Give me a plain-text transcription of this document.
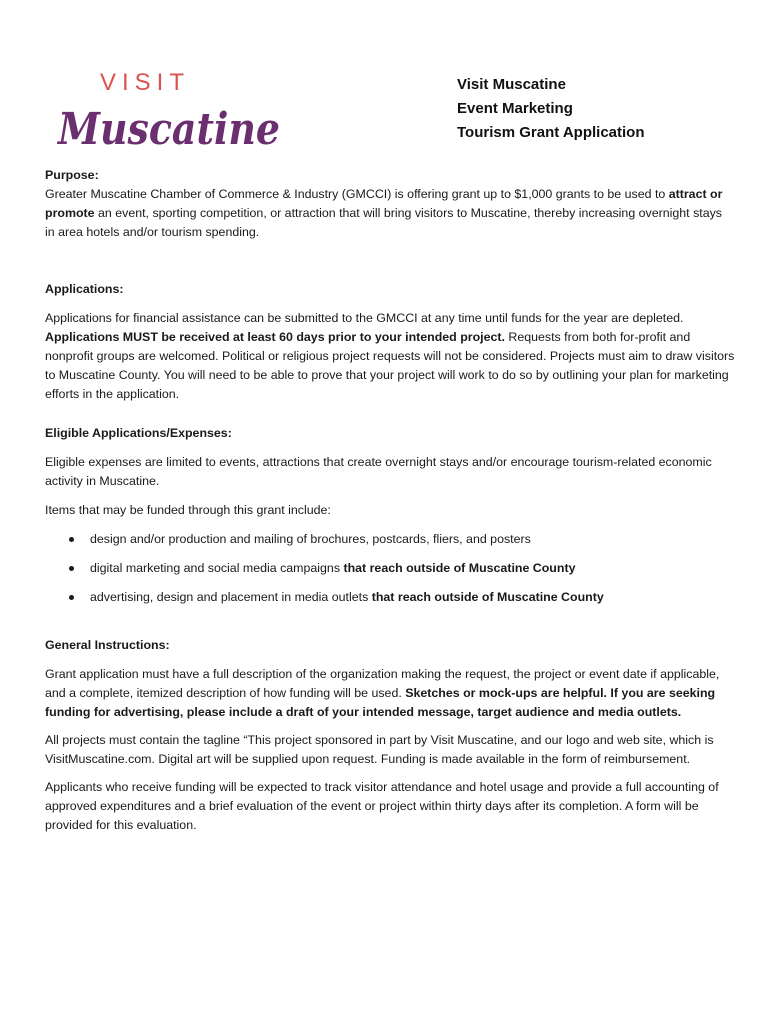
VISIT
Muscatine
Visit Muscatine
Event Marketing
Tourism Grant Application

Purpose:

Greater Muscatine Chamber of Commerce & Industry (GMCCI) is offering grant up to $1,000 grants to be used to attract or promote an event, sporting competition, or attraction that will bring visitors to Muscatine, thereby increasing overnight stays in area hotels and/or tourism spending.

Applications:

Applications for financial assistance can be submitted to the GMCCI at any time until funds for the year are depleted. Applications MUST be received at least 60 days prior to your intended project. Requests from both for-profit and nonprofit groups are welcomed. Political or religious project requests will not be considered. Projects must aim to draw visitors to Muscatine County. You will need to be able to prove that your project will work to do so by outlining your plan for marketing efforts in the application.

Eligible Applications/Expenses:

Eligible expenses are limited to events, attractions that create overnight stays and/or encourage tourism-related economic activity in Muscatine.

Items that may be funded through this grant include:

design and/or production and mailing of brochures, postcards, fliers, and posters
digital marketing and social media campaigns that reach outside of Muscatine County
advertising, design and placement in media outlets that reach outside of Muscatine County

General Instructions:

Grant application must have a full description of the organization making the request, the project or event date if applicable, and a complete, itemized description of how funding will be used. Sketches or mock-ups are helpful. If you are seeking funding for advertising, please include a draft of your intended message, target audience and media outlets.

All projects must contain the tagline “This project sponsored in part by Visit Muscatine, and our logo and web site, which is VisitMuscatine.com. Digital art will be supplied upon request. Funding is made available in the form of reimbursement.

Applicants who receive funding will be expected to track visitor attendance and hotel usage and provide a full accounting of approved expenditures and a brief evaluation of the event or project within thirty days after its completion. A form will be provided for this evaluation.
